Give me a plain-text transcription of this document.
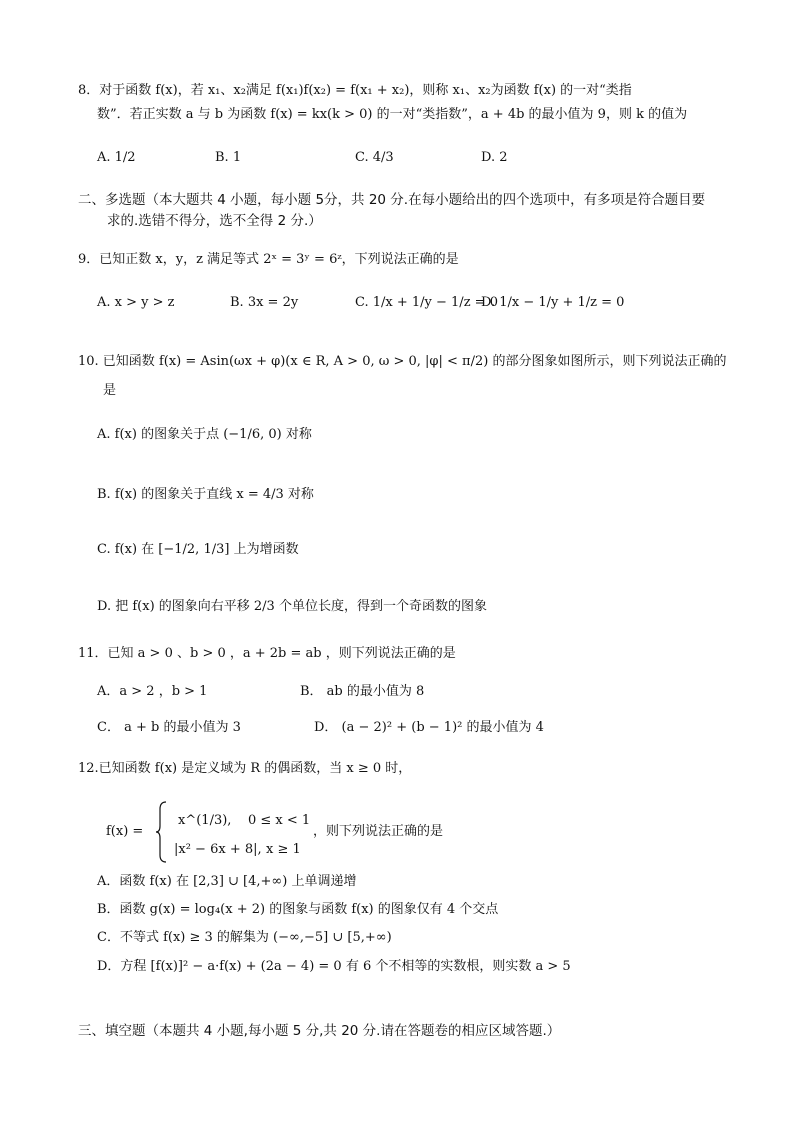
8．对于函数 f(x)，若 x₁、x₂满足 f(x₁)f(x₂) = f(x₁ + x₂)，则称 x₁、x₂为函数 f(x) 的一对“类指
数”．若正实数 a 与 b 为函数 f(x) = kx(k > 0) 的一对“类指数”，a + 4b 的最小值为 9，则 k 的值为
A. 1/2	B. 1	C. 4/3	D. 2
二、多选题（本大题共 4 小题，每小题 5分，共 20 分.在每小题给出的四个选项中，有多项是符合题目要
求的.选错不得分，选不全得 2 分.）
9．已知正数 x，y，z 满足等式 2ˣ = 3ʸ = 6ᶻ，下列说法正确的是
A. x > y > z	B. 3x = 2y	C. 1/x + 1/y − 1/z = 0
D. 1/x − 1/y + 1/z = 0
10. 已知函数 f(x) = Asin(ωx + φ)(x ∈ R, A > 0, ω > 0, |φ| < π/2) 的部分图象如图所示，则下列说法正确的
是
A. f(x) 的图象关于点 (−1/6, 0) 对称
B. f(x) 的图象关于直线 x = 4/3 对称
C. f(x) 在 [−1/2, 1/3] 上为增函数
D. 把 f(x) 的图象向右平移 2/3 个单位长度，得到一个奇函数的图象
11．已知 a > 0 、b > 0 ，a + 2b = ab ，则下列说法正确的是
A．a > 2 ，b > 1	B． ab 的最小值为 8
C． a + b 的最小值为 3	D． (a − 2)² + (b − 1)² 的最小值为 4
12.已知函数 f(x) 是定义域为 R 的偶函数，当 x ≥ 0 时，
f(x) =
x^(1/3), 0 ≤ x < 1
|x² − 6x + 8|, x ≥ 1
，则下列说法正确的是
A．函数 f(x) 在 [2,3] ∪ [4,+∞) 上单调递增
B．函数 g(x) = log₄(x + 2) 的图象与函数 f(x) 的图象仅有 4 个交点
C．不等式 f(x) ≥ 3 的解集为 (−∞,−5] ∪ [5,+∞)
D．方程 [f(x)]² − a·f(x) + (2a − 4) = 0 有 6 个不相等的实数根，则实数 a > 5
三、填空题（本题共 4 小题,每小题 5 分,共 20 分.请在答题卷的相应区域答题.）
